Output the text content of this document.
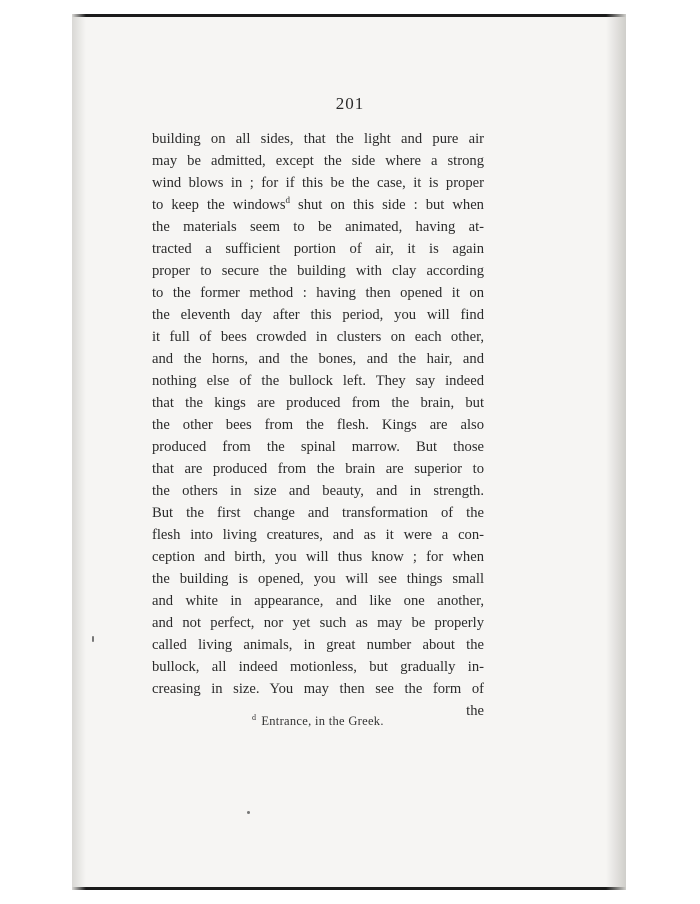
201
building on all sides, that the light and pure air
may be admitted, except the side where a strong
wind blows in ; for if this be the case, it is proper
to keep the windows$^d$ shut on this side : but when
the materials seem to be animated, having at-
tracted a sufficient portion of air, it is again
proper to secure the building with clay according
to the former method : having then opened it on
the eleventh day after this period, you will find
it full of bees crowded in clusters on each other,
and the horns, and the bones, and the hair, and
nothing else of the bullock left. They say indeed
that the kings are produced from the brain, but
the other bees from the flesh. Kings are also
produced from the spinal marrow. But those
that are produced from the brain are superior to
the others in size and beauty, and in strength.
But the first change and transformation of the
flesh into living creatures, and as it were a con-
ception and birth, you will thus know ; for when
the building is opened, you will see things small
and white in appearance, and like one another,
and not perfect, nor yet such as may be properly
called living animals, in great number about the
bullock, all indeed motionless, but gradually in-
creasing in size. You may then see the form of
the
$^d$ Entrance, in the Greek.
